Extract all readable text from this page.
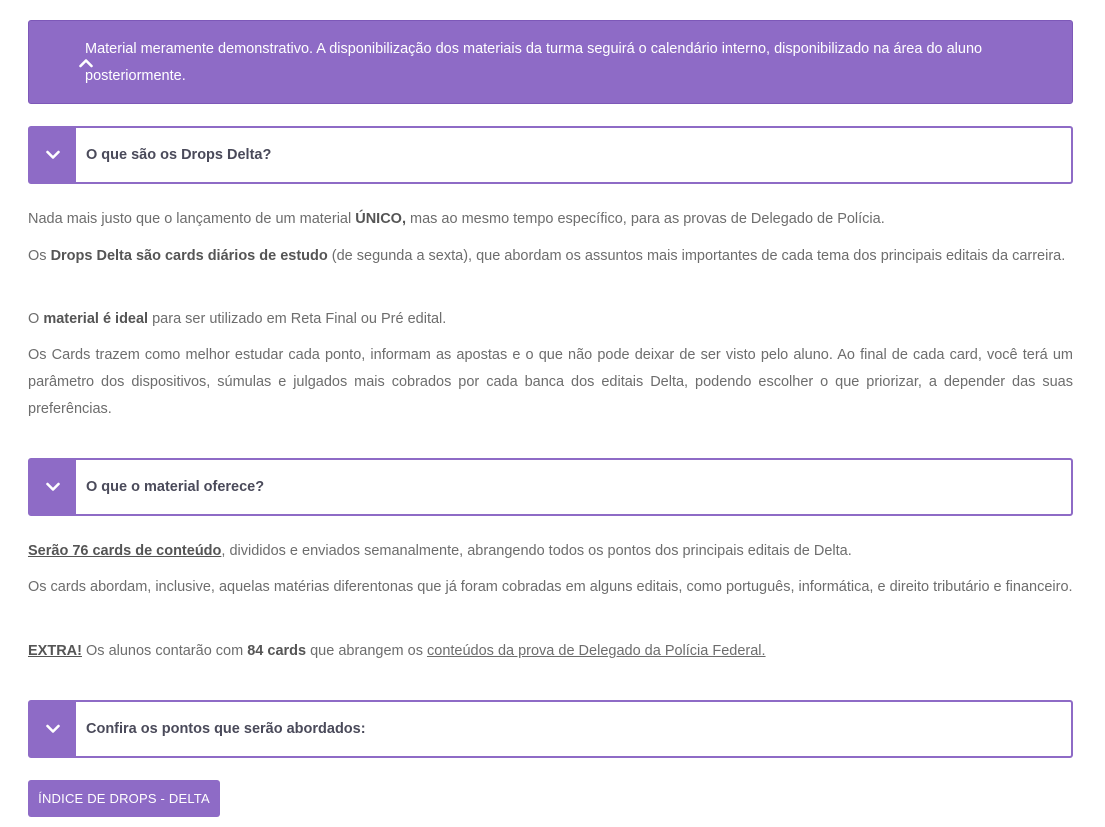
Material meramente demonstrativo. A disponibilização dos materiais da turma seguirá o calendário interno, disponibilizado na área do aluno posteriormente.
O que são os Drops Delta?

Nada mais justo que o lançamento de um material ÚNICO, mas ao mesmo tempo específico, para as provas de Delegado de Polícia.

Os Drops Delta são cards diários de estudo (de segunda a sexta), que abordam os assuntos mais importantes de cada tema dos principais editais da carreira.

O material é ideal para ser utilizado em Reta Final ou Pré edital.

Os Cards trazem como melhor estudar cada ponto, informam as apostas e o que não pode deixar de ser visto pelo aluno. Ao final de cada card, você terá um parâmetro dos dispositivos, súmulas e julgados mais cobrados por cada banca dos editais Delta, podendo escolher o que priorizar, a depender das suas preferências.

O que o material oferece?

Serão 76 cards de conteúdo, divididos e enviados semanalmente, abrangendo todos os pontos dos principais editais de Delta.

Os cards abordam, inclusive, aquelas matérias diferentonas que já foram cobradas em alguns editais, como português, informática, e direito tributário e financeiro.

EXTRA! Os alunos contarão com 84 cards que abrangem os conteúdos da prova de Delegado da Polícia Federal.

Confira os pontos que serão abordados:
ÍNDICE DE DROPS - DELTA
